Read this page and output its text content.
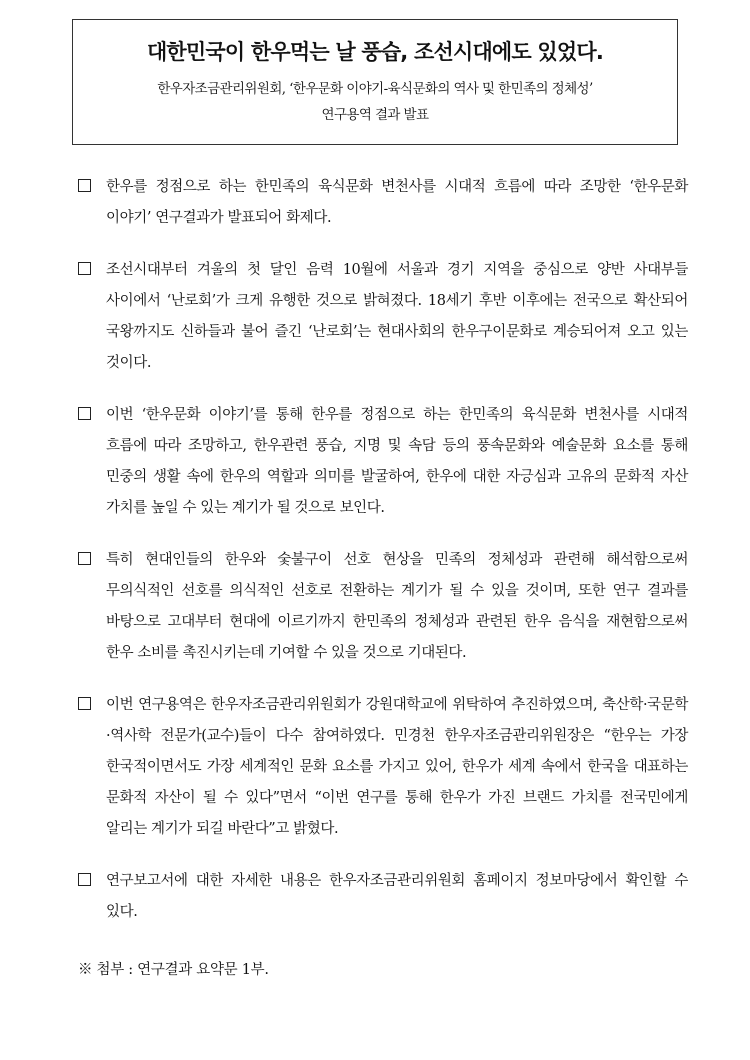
대한민국이 한우먹는 날 풍습, 조선시대에도 있었다.
한우자조금관리위원회, ‘한우문화 이야기-육식문화의 역사 및 한민족의 정체성’
연구용역 결과 발표
한우를 정점으로 하는 한민족의 육식문화 변천사를 시대적 흐름에 따라 조망한 ‘한우문화 이야기’ 연구결과가 발표되어 화제다.
조선시대부터 겨울의 첫 달인 음력 10월에 서울과 경기 지역을 중심으로 양반 사대부들 사이에서 ‘난로회’가 크게 유행한 것으로 밝혀졌다. 18세기 후반 이후에는 전국으로 확산되어 국왕까지도 신하들과 불어 즐긴 ‘난로회’는 현대사회의 한우구이문화로 계승되어져 오고 있는 것이다.
이번 ‘한우문화 이야기’를 통해 한우를 정점으로 하는 한민족의 육식문화 변천사를 시대적 흐름에 따라 조망하고, 한우관련 풍습, 지명 및 속담 등의 풍속문화와 예술문화 요소를 통해 민중의 생활 속에 한우의 역할과 의미를 발굴하여, 한우에 대한 자긍심과 고유의 문화적 자산 가치를 높일 수 있는 계기가 될 것으로 보인다.
특히 현대인들의 한우와 숯불구이 선호 현상을 민족의 정체성과 관련해 해석함으로써 무의식적인 선호를 의식적인 선호로 전환하는 계기가 될 수 있을 것이며, 또한 연구 결과를 바탕으로 고대부터 현대에 이르기까지 한민족의 정체성과 관련된 한우 음식을 재현함으로써 한우 소비를 촉진시키는데 기여할 수 있을 것으로 기대된다.
이번 연구용역은 한우자조금관리위원회가 강원대학교에 위탁하여 추진하였으며, 축산학·국문학·역사학 전문가(교수)들이 다수 참여하였다. 민경천 한우자조금관리위원장은 “한우는 가장 한국적이면서도 가장 세계적인 문화 요소를 가지고 있어, 한우가 세계 속에서 한국을 대표하는 문화적 자산이 될 수 있다”면서 “이번 연구를 통해 한우가 가진 브랜드 가치를 전국민에게 알리는 계기가 되길 바란다”고 밝혔다.
연구보고서에 대한 자세한 내용은 한우자조금관리위원회 홈페이지 정보마당에서 확인할 수 있다.
※ 첨부 : 연구결과 요약문 1부.
